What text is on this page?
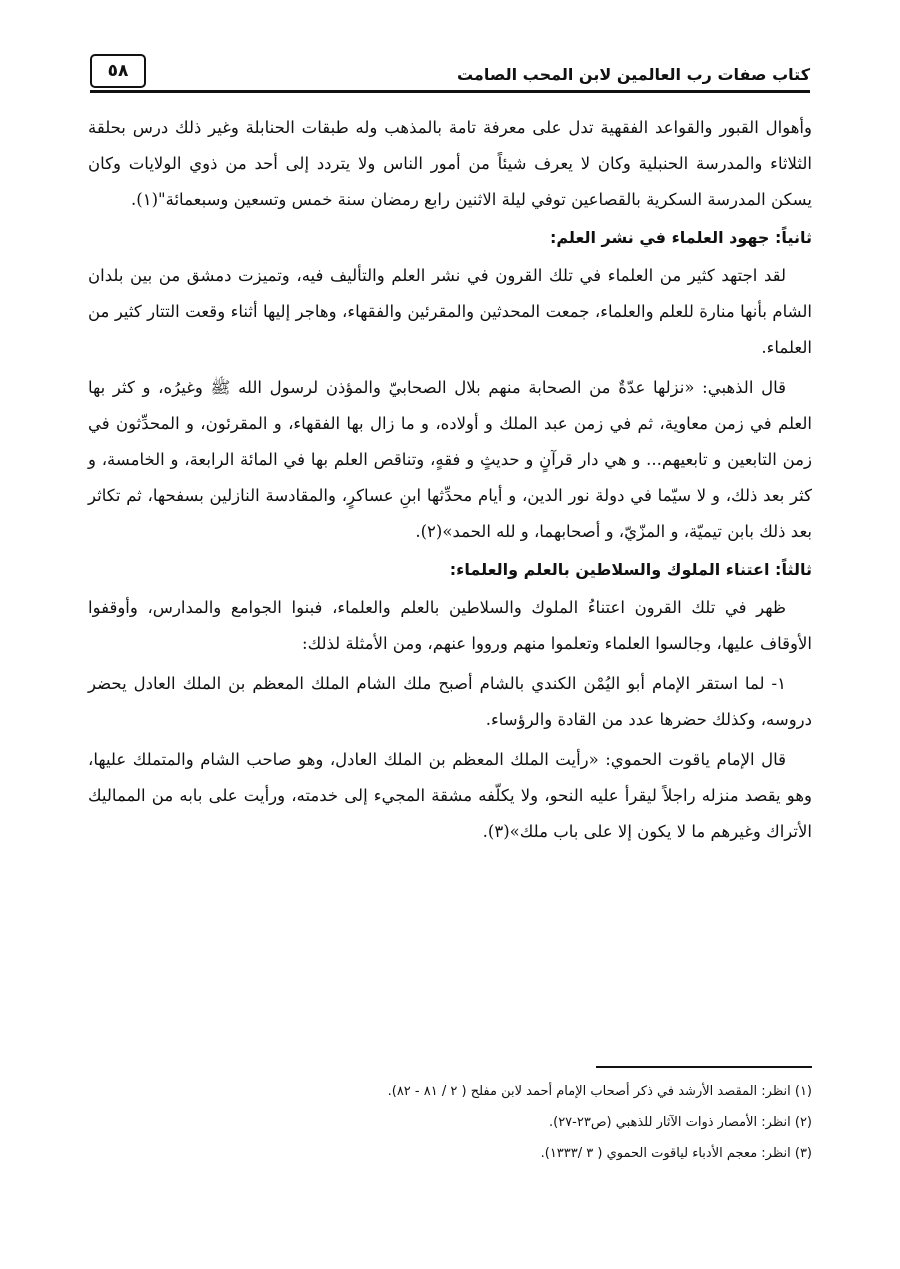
كتاب صفات رب العالمين لابن المحب الصامت
٥٨

وأهوال القبور والقواعد الفقهية تدل على معرفة تامة بالمذهب وله طبقات الحنابلة وغير ذلك درس بحلقة الثلاثاء والمدرسة الحنبلية وكان لا يعرف شيئاً من أمور الناس ولا يتردد إلى أحد من ذوي الولايات وكان يسكن المدرسة السكرية بالقصاعين توفي ليلة الاثنين رابع رمضان سنة خمس وتسعين وسبعمائة"(١).

ثانياً: جهود العلماء في نشر العلم:

لقد اجتهد كثير من العلماء في تلك القرون في نشر العلم والتأليف فيه، وتميزت دمشق من بين بلدان الشام بأنها منارة للعلم والعلماء، جمعت المحدثين والمقرئين والفقهاء، وهاجر إليها أثناء وقعت التتار كثير من العلماء.

قال الذهبي: «نزلها عدّةٌ من الصحابة منهم بلال الصحابيّ والمؤذن لرسول الله ﷺ وغيرُه، و كثر بها العلم في زمن معاوية، ثم في زمن عبد الملك و أولاده، و ما زال بها الفقهاء، و المقرئون، و المحدِّثون في زمن التابعين و تابعيهم... و هي دار قرآنٍ و حديثٍ و فقهٍ، وتناقص العلم بها في المائة الرابعة، و الخامسة، و كثر بعد ذلك، و لا سيّما في دولة نور الدين، و أيام محدِّثها ابنِ عساكرٍ، والمقادسة النازلين بسفحها، ثم تكاثر بعد ذلك بابن تيميّة، و المزّيّ، و أصحابهما، و لله الحمد»(٢).

ثالثاً: اعتناء الملوك والسلاطين بالعلم والعلماء:

ظهر في تلك القرون اعتناءُ الملوك والسلاطين بالعلم والعلماء، فبنوا الجوامع والمدارس، وأوقفوا الأوقاف عليها، وجالسوا العلماء وتعلموا منهم ورووا عنهم، ومن الأمثلة لذلك:

١- لما استقر الإمام أبو اليُمْن الكندي بالشام أصبح ملك الشام الملك المعظم بن الملك العادل يحضر دروسه، وكذلك حضرها عدد من القادة والرؤساء.

قال الإمام ياقوت الحموي: «رأيت الملك المعظم بن الملك العادل، وهو صاحب الشام والمتملك عليها، وهو يقصد منزله راجلاً ليقرأ عليه النحو، ولا يكلّفه مشقة المجيء إلى خدمته، ورأيت على بابه من المماليك الأتراك وغيرهم ما لا يكون إلا على باب ملك»(٣).

(١) انظر: المقصد الأرشد في ذكر أصحاب الإمام أحمد لابن مفلح ( ٢ / ٨١ - ٨٢).
(٢) انظر: الأمصار ذوات الآثار للذهبي (ص٢٣-٢٧).
(٣) انظر: معجم الأدباء لياقوت الحموي ( ٣ /١٣٣٣).
